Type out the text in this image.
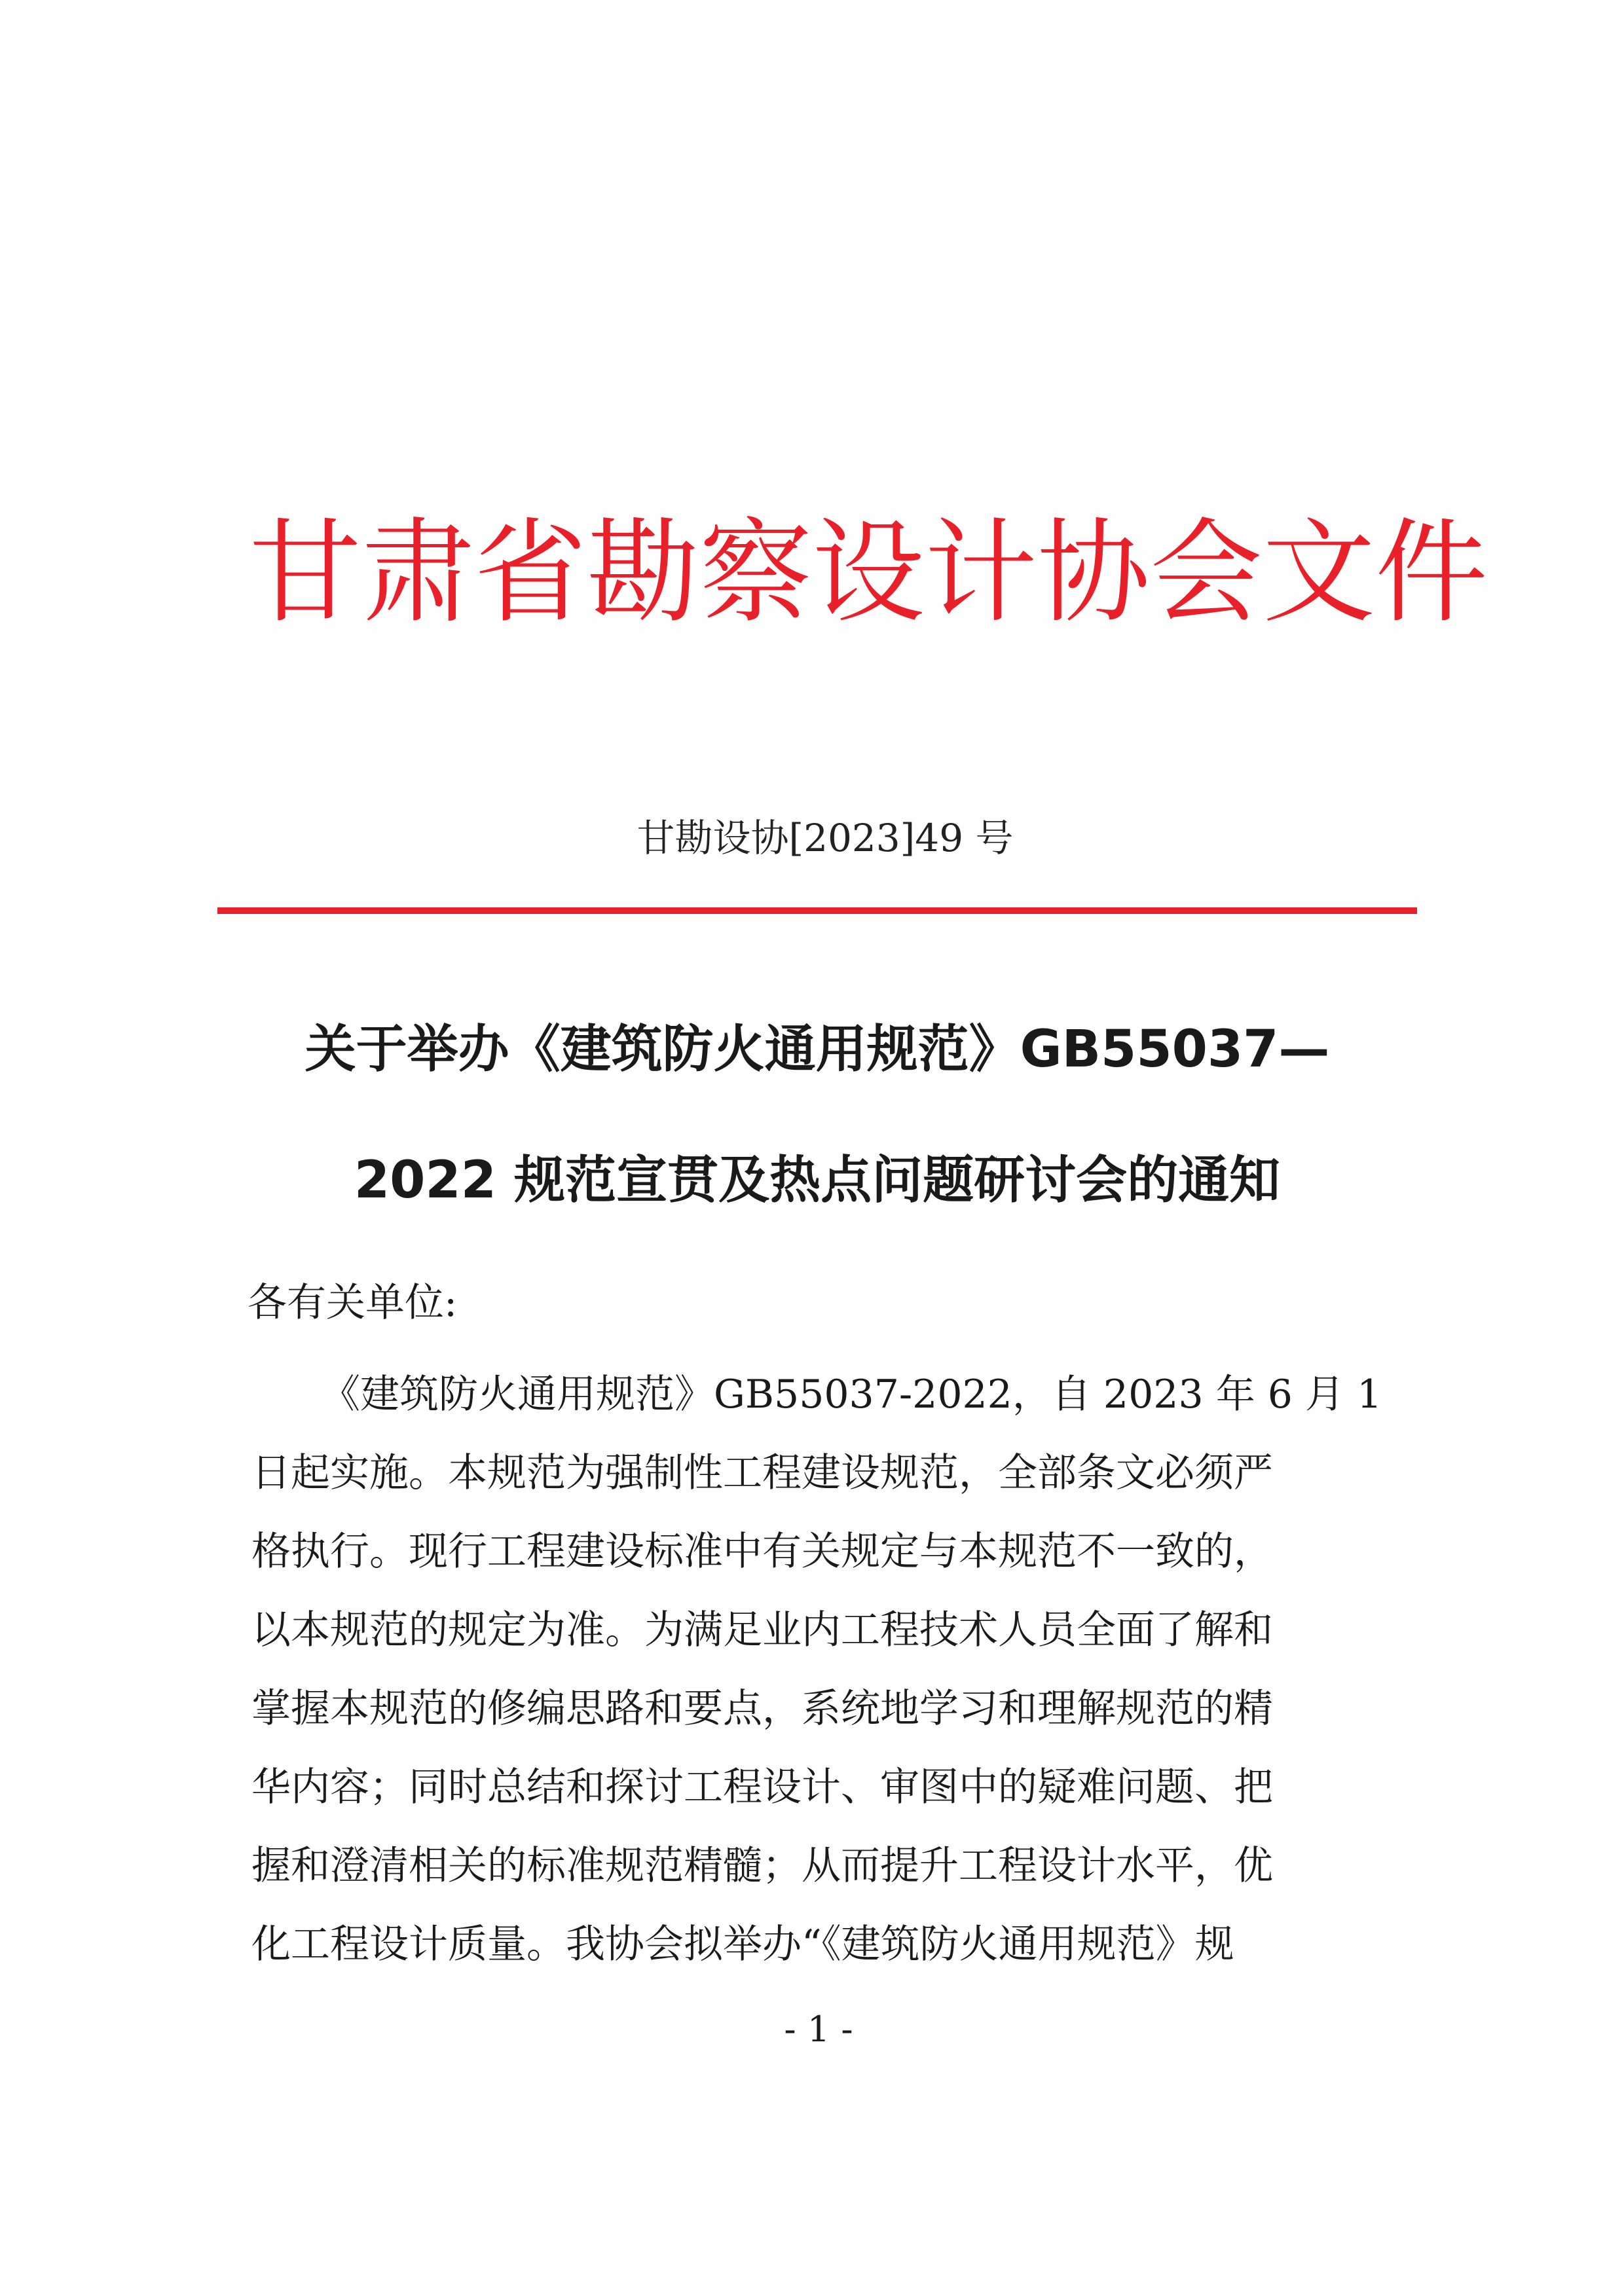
甘肃省勘察设计协会文件
甘勘设协[2023]49 号
关于举办《建筑防火通用规范》GB55037—
2022 规范宣贯及热点问题研讨会的通知
各有关单位:
《建筑防火通用规范》GB55037-2022，自 2023 年 6 月 1
日起实施。本规范为强制性工程建设规范，全部条文必须严
格执行。现行工程建设标准中有关规定与本规范不一致的，
以本规范的规定为准。为满足业内工程技术人员全面了解和
掌握本规范的修编思路和要点，系统地学习和理解规范的精
华内容；同时总结和探讨工程设计、审图中的疑难问题、把
握和澄清相关的标准规范精髓；从而提升工程设计水平，优
化工程设计质量。我协会拟举办“《建筑防火通用规范》规
- 1 -
